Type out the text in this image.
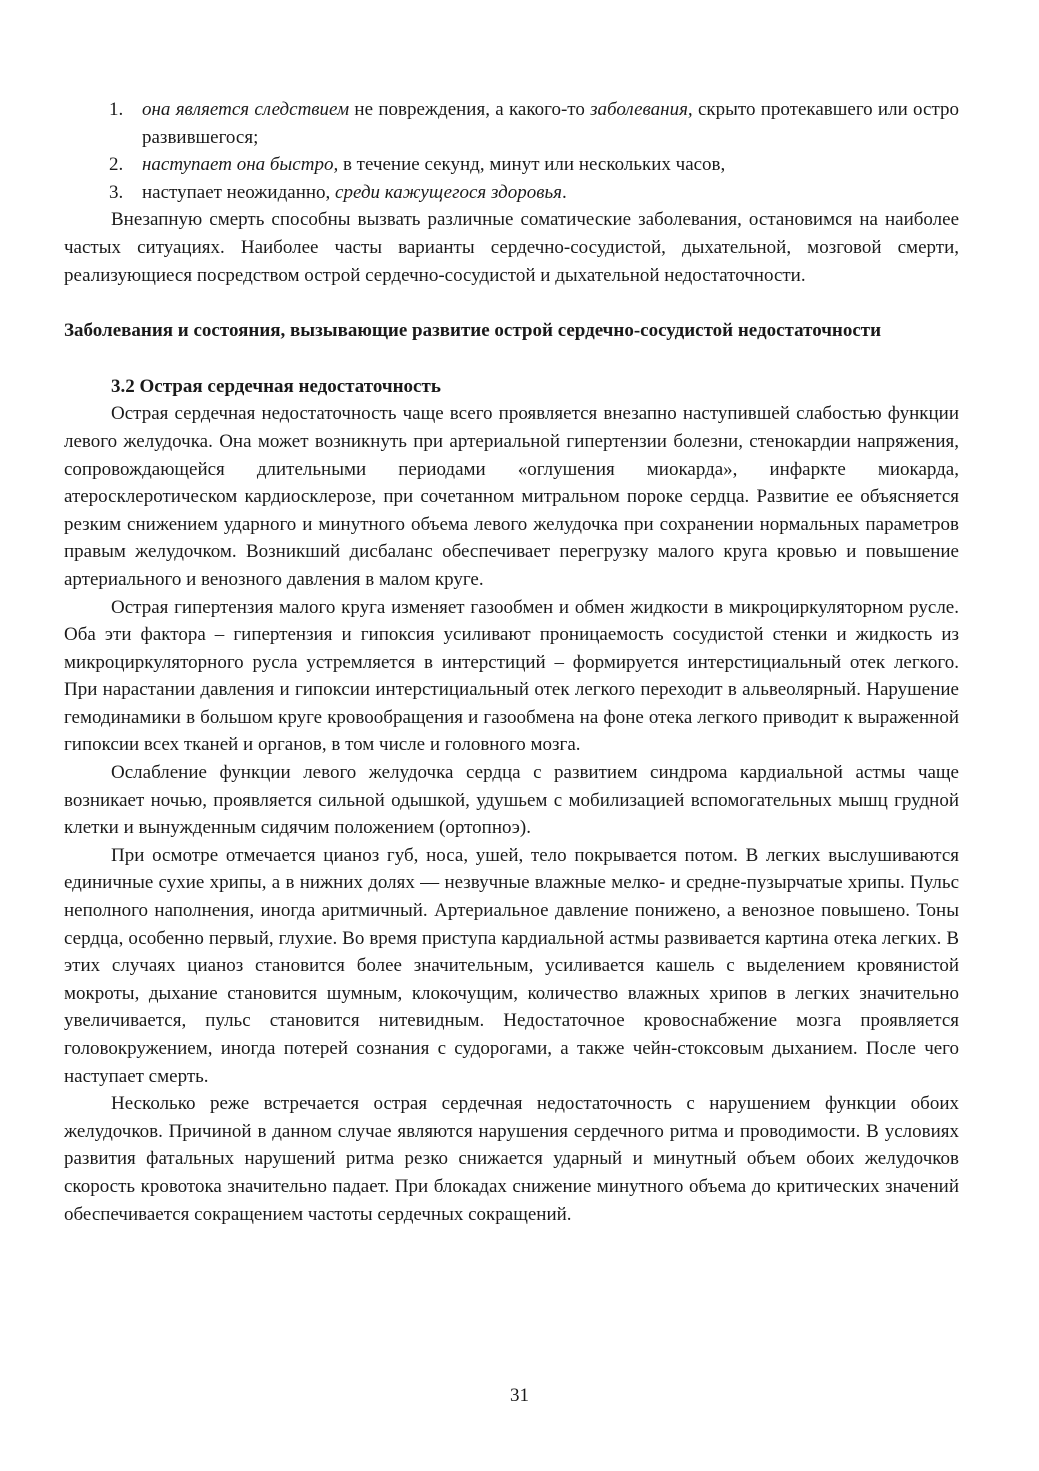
1. она является следствием не повреждения, а какого-то заболевания, скрыто протекавшего или остро развившегося;
2. наступает она быстро, в течение секунд, минут или нескольких часов,
3. наступает неожиданно, среди кажущегося здоровья.

Внезапную смерть способны вызвать различные соматические заболевания, остановимся на наиболее частых ситуациях. Наиболее часты варианты сердечно-сосудистой, дыхательной, мозговой смерти, реализующиеся посредством острой сердечно-сосудистой и дыхательной недостаточности.

Заболевания и состояния, вызывающие развитие острой сердечно-сосудистой недостаточности

3.2 Острая сердечная недостаточность

Острая сердечная недостаточность чаще всего проявляется внезапно наступившей слабостью функции левого желудочка. Она может возникнуть при артериальной гипертензии болезни, стенокардии напряжения, сопровождающейся длительными периодами «оглушения миокарда», инфаркте миокарда, атеросклеротическом кардиосклерозе, при сочетанном митральном пороке сердца. Развитие ее объясняется резким снижением ударного и минутного объема левого желудочка при сохранении нормальных параметров правым желудочком. Возникший дисбаланс обеспечивает перегрузку малого круга кровью и повышение артериального и венозного давления в малом круге.

Острая гипертензия малого круга изменяет газообмен и обмен жидкости в микроциркуляторном русле. Оба эти фактора – гипертензия и гипоксия усиливают проницаемость сосудистой стенки и жидкость из микроциркуляторного русла устремляется в интерстиций – формируется интерстициальный отек легкого. При нарастании давления и гипоксии интерстициальный отек легкого переходит в альвеолярный. Нарушение гемодинамики в большом круге кровообращения и газообмена на фоне отека легкого приводит к выраженной гипоксии всех тканей и органов, в том числе и головного мозга.

Ослабление функции левого желудочка сердца с развитием синдрома кардиальной астмы чаще возникает ночью, проявляется сильной одышкой, удушьем с мобилизацией вспомогательных мышц грудной клетки и вынужденным сидячим положением (ортопноэ).

При осмотре отмечается цианоз губ, носа, ушей, тело покрывается потом. В легких выслушиваются единичные сухие хрипы, а в нижних долях — незвучные влажные мелко- и средне-пузырчатые хрипы. Пульс неполного наполнения, иногда аритмичный. Артериальное давление понижено, а венозное повышено. Тоны сердца, особенно первый, глухие. Во время приступа кардиальной астмы развивается картина отека легких. В этих случаях цианоз становится более значительным, усиливается кашель с выделением кровянистой мокроты, дыхание становится шумным, клокочущим, количество влажных хрипов в легких значительно увеличивается, пульс становится нитевидным. Недостаточное кровоснабжение мозга проявляется головокружением, иногда потерей сознания с судорогами, а также чейн-стоксовым дыханием. После чего наступает смерть.

Несколько реже встречается острая сердечная недостаточность с нарушением функции обоих желудочков. Причиной в данном случае являются нарушения сердечного ритма и проводимости. В условиях развития фатальных нарушений ритма резко снижается ударный и минутный объем обоих желудочков скорость кровотока значительно падает. При блокадах снижение минутного объема до критических значений обеспечивается сокращением частоты сердечных сокращений.

31
